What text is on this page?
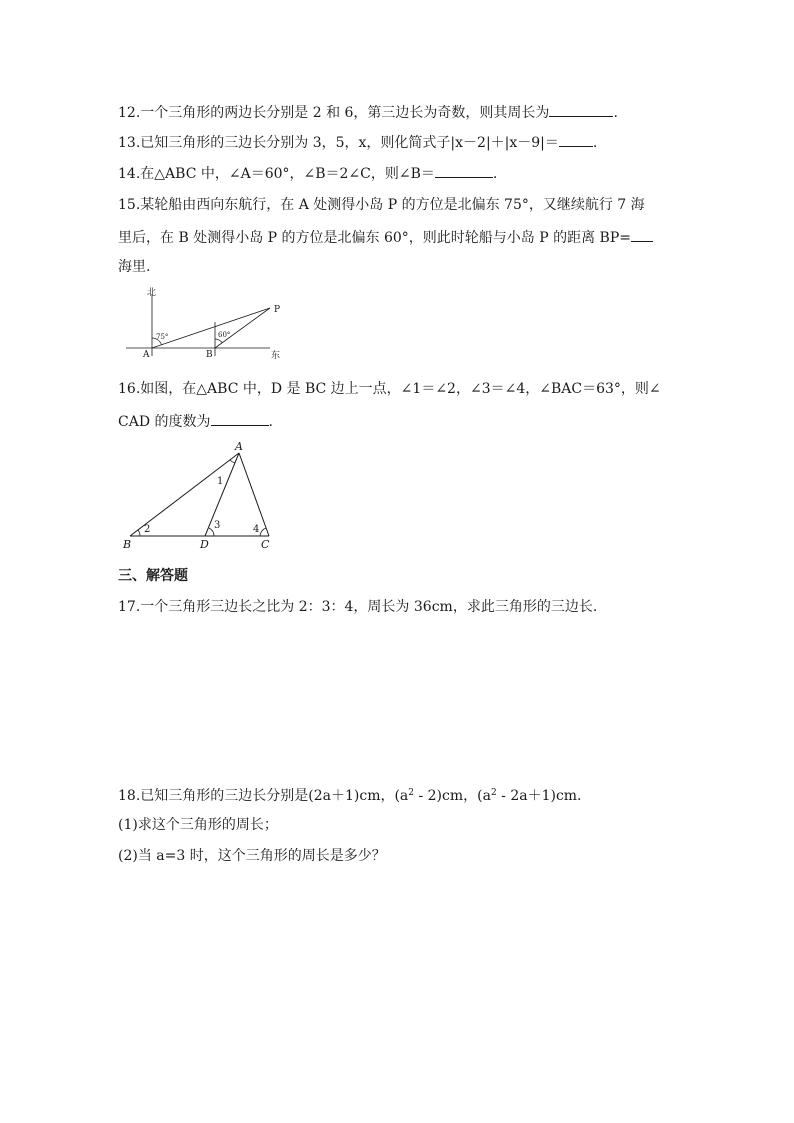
12.一个三角形的两边长分别是 2 和 6，第三边长为奇数，则其周长为	.
13.已知三角形的三边长分别为 3，5，x，则化简式子|x－2|＋|x－9|＝ .
14.在△ABC 中，∠A＝60°，∠B＝2∠C，则∠B＝	.
15.某轮船由西向东航行，在 A 处测得小岛 P 的方位是北偏东 75°，又继续航行 7 海
里后，在 B 处测得小岛 P 的方位是北偏东 60°，则此时轮船与小岛 P 的距离 BP=
海里.
北
东
A	B
P
75°	60°
16.如图，在△ABC 中，D 是 BC 边上一点，∠1＝∠2，∠3＝∠4，∠BAC＝63°，则∠
CAD 的度数为	.
A
B	C
D
1
2	3	4
三、解答题
17.一个三角形三边长之比为 2：3：4，周长为 36cm，求此三角形的三边长.
18.已知三角形的三边长分别是(2a＋1)cm，$(a^2 - 2)cm$，$(a^2 - 2a+1)cm$.
(1)求这个三角形的周长；
(2)当 a=3 时，这个三角形的周长是多少？
